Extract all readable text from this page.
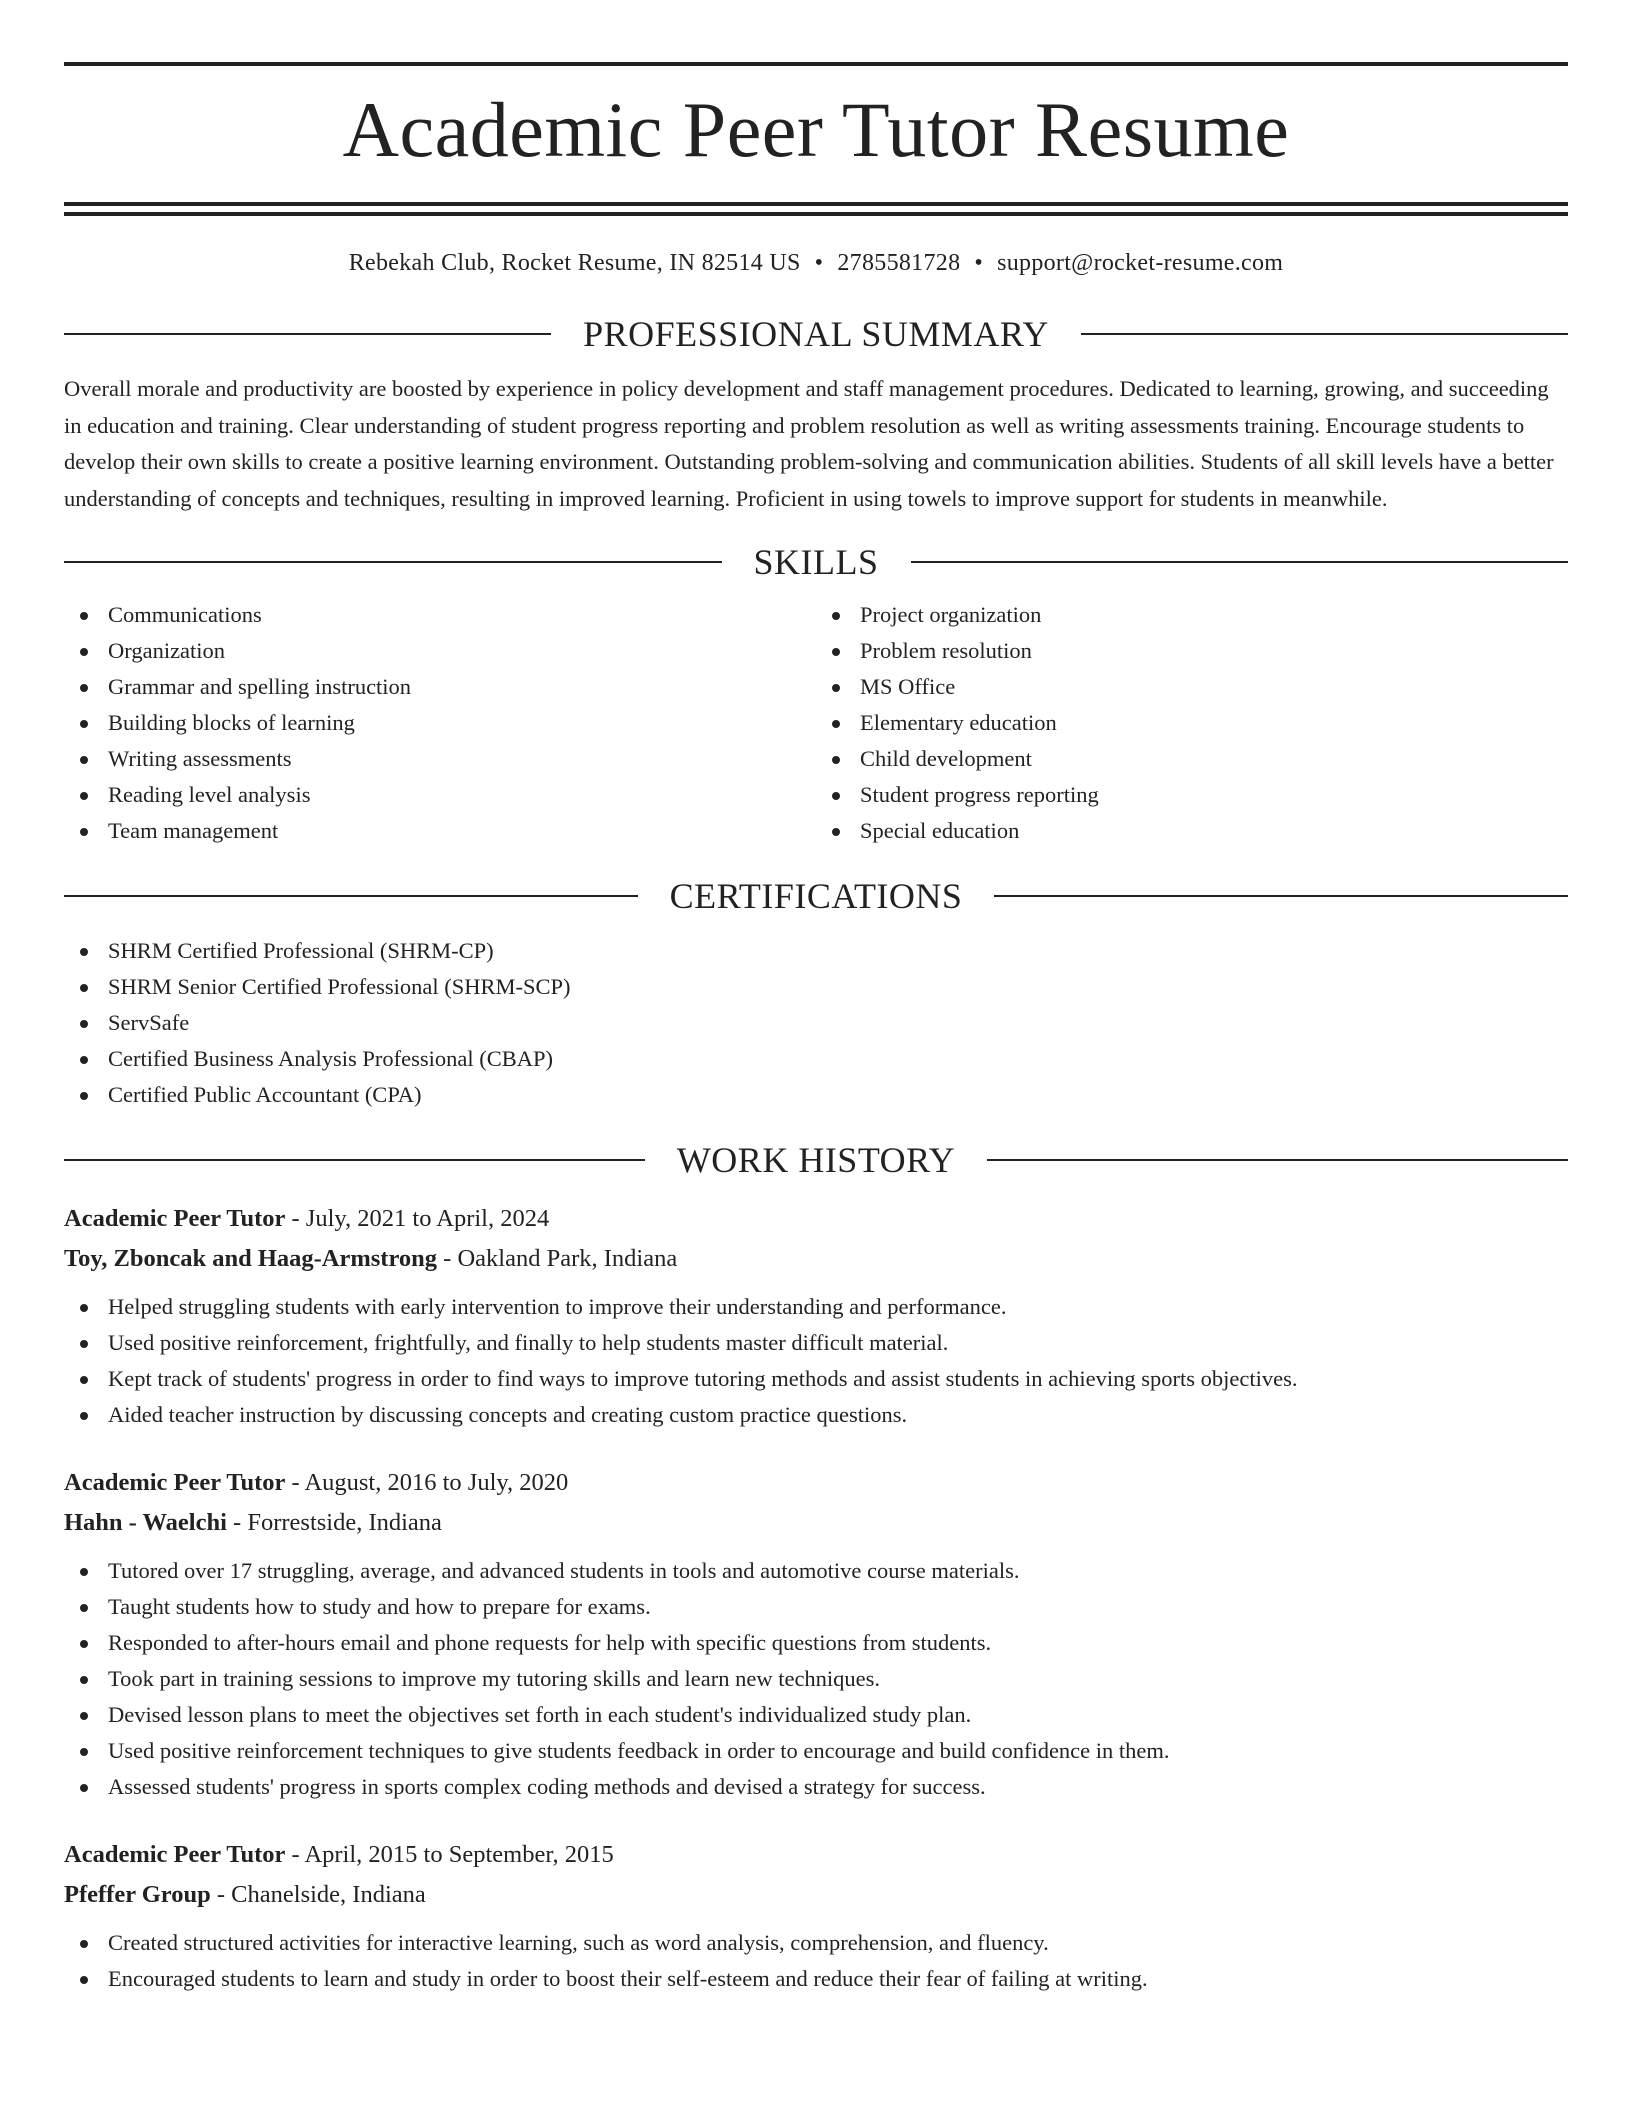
Academic Peer Tutor Resume
Rebekah Club, Rocket Resume, IN 82514 US • 2785581728 • support@rocket-resume.com
PROFESSIONAL SUMMARY

Overall morale and productivity are boosted by experience in policy development and staff management procedures. Dedicated to learning, growing, and succeeding in education and training. Clear understanding of student progress reporting and problem resolution as well as writing assessments training. Encourage students to develop their own skills to create a positive learning environment. Outstanding problem-solving and communication abilities. Students of all skill levels have a better understanding of concepts and techniques, resulting in improved learning. Proficient in using towels to improve support for students in meanwhile.

SKILLS
Communications
Organization
Grammar and spelling instruction
Building blocks of learning
Writing assessments
Reading level analysis
Team management
Project organization
Problem resolution
MS Office
Elementary education
Child development
Student progress reporting
Special education
CERTIFICATIONS
SHRM Certified Professional (SHRM-CP)
SHRM Senior Certified Professional (SHRM-SCP)
ServSafe
Certified Business Analysis Professional (CBAP)
Certified Public Accountant (CPA)
WORK HISTORY
Academic Peer Tutor - July, 2021 to April, 2024
Toy, Zboncak and Haag-Armstrong - Oakland Park, Indiana
Helped struggling students with early intervention to improve their understanding and performance.
Used positive reinforcement, frightfully, and finally to help students master difficult material.
Kept track of students' progress in order to find ways to improve tutoring methods and assist students in achieving sports objectives.
Aided teacher instruction by discussing concepts and creating custom practice questions.
Academic Peer Tutor - August, 2016 to July, 2020
Hahn - Waelchi - Forrestside, Indiana
Tutored over 17 struggling, average, and advanced students in tools and automotive course materials.
Taught students how to study and how to prepare for exams.
Responded to after-hours email and phone requests for help with specific questions from students.
Took part in training sessions to improve my tutoring skills and learn new techniques.
Devised lesson plans to meet the objectives set forth in each student's individualized study plan.
Used positive reinforcement techniques to give students feedback in order to encourage and build confidence in them.
Assessed students' progress in sports complex coding methods and devised a strategy for success.
Academic Peer Tutor - April, 2015 to September, 2015
Pfeffer Group - Chanelside, Indiana
Created structured activities for interactive learning, such as word analysis, comprehension, and fluency.
Encouraged students to learn and study in order to boost their self-esteem and reduce their fear of failing at writing.
